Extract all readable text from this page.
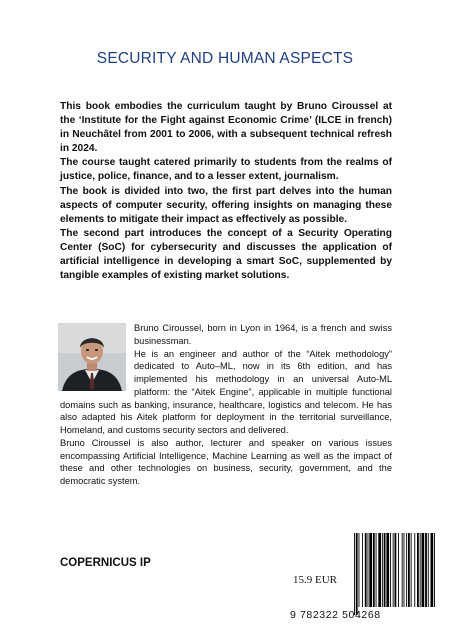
SECURITY AND HUMAN ASPECTS

This book embodies the curriculum taught by Bruno Ciroussel at the ‘Institute for the Fight against Economic Crime’ (ILCE in french) in Neuchâtel from 2001 to 2006, with a subsequent technical refresh in 2024.

The course taught catered primarily to students from the realms of justice, police, finance, and to a lesser extent, journalism.

The book is divided into two, the first part delves into the human aspects of computer security, offering insights on managing these elements to mitigate their impact as effectively as possible.

The second part introduces the concept of a Security Operating Center (SoC) for cybersecurity and discusses the application of artificial intelligence in developing a smart SoC, supplemented by tangible examples of existing market solutions.

Bruno Ciroussel, born in Lyon in 1964, is a french and swiss businessman.

He is an engineer and author of the “Aitek methodology” dedicated to Auto–ML, now in its 6th edition, and has implemented his methodology in an universal Auto-ML platform: the “Aitek Engine”, applicable in multiple functional domains such as banking, insurance, healthcare, logistics and telecom. He has also adapted his Aitek platform for deployment in the territorial surveillance, Homeland, and customs security sectors and delivered.

Bruno Ciroussel is also author, lecturer and speaker on various issues encompassing Artificial Intelligence, Machine Learning as well as the impact of these and other technologies on business, security, government, and the democratic system.

COPERNICUS IP
15.9 EUR
9 782322 504268
